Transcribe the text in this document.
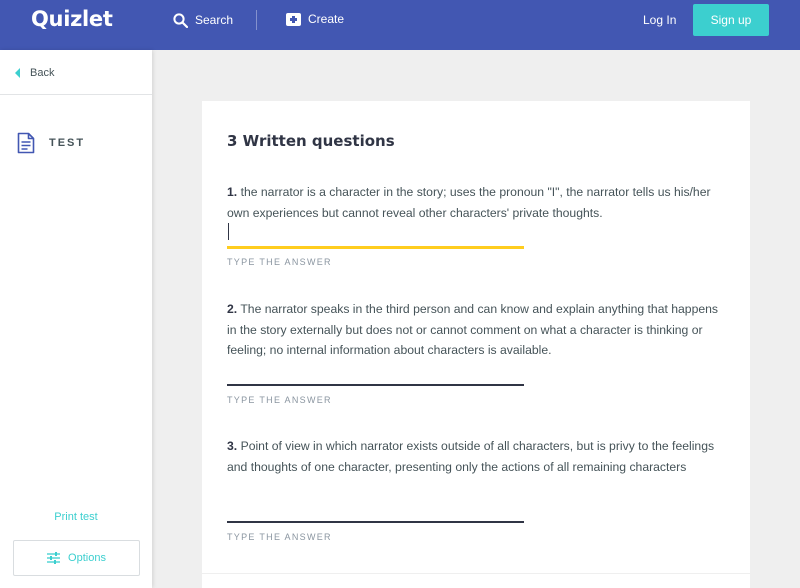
Quizlet	Search	Create	Log In	Sign up
Back
TEST
Print test
Options
3 Written questions
1. the narrator is a character in the story; uses the pronoun "I", the narrator tells us his/her own experiences but cannot reveal other characters' private thoughts.
TYPE THE ANSWER
2. The narrator speaks in the third person and can know and explain anything that happens in the story externally but does not or cannot comment on what a character is thinking or feeling; no internal information about characters is available.
TYPE THE ANSWER
3. Point of view in which narrator exists outside of all characters, but is privy to the feelings and thoughts of one character, presenting only the actions of all remaining characters
TYPE THE ANSWER
